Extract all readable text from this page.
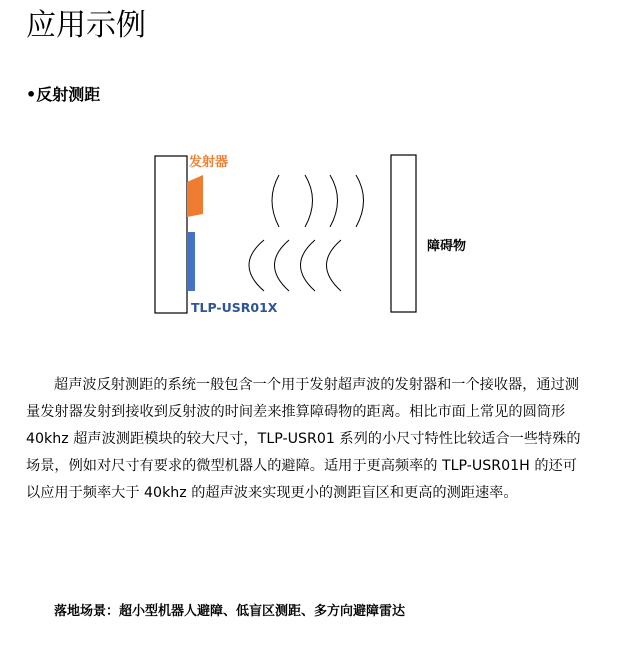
应用示例
•反射测距
发射器
TLP-USR01X
障碍物

超声波反射测距的系统一般包含一个用于发射超声波的发射器和一个接收器，通过测量发射器发射到接收到反射波的时间差来推算障碍物的距离。相比市面上常见的圆筒形 40khz 超声波测距模块的较大尺寸，TLP-USR01 系列的小尺寸特性比较适合一些特殊的场景，例如对尺寸有要求的微型机器人的避障。适用于更高频率的 TLP-USR01H 的还可以应用于频率大于 40khz 的超声波来实现更小的测距盲区和更高的测距速率。

落地场景：超小型机器人避障、低盲区测距、多方向避障雷达
